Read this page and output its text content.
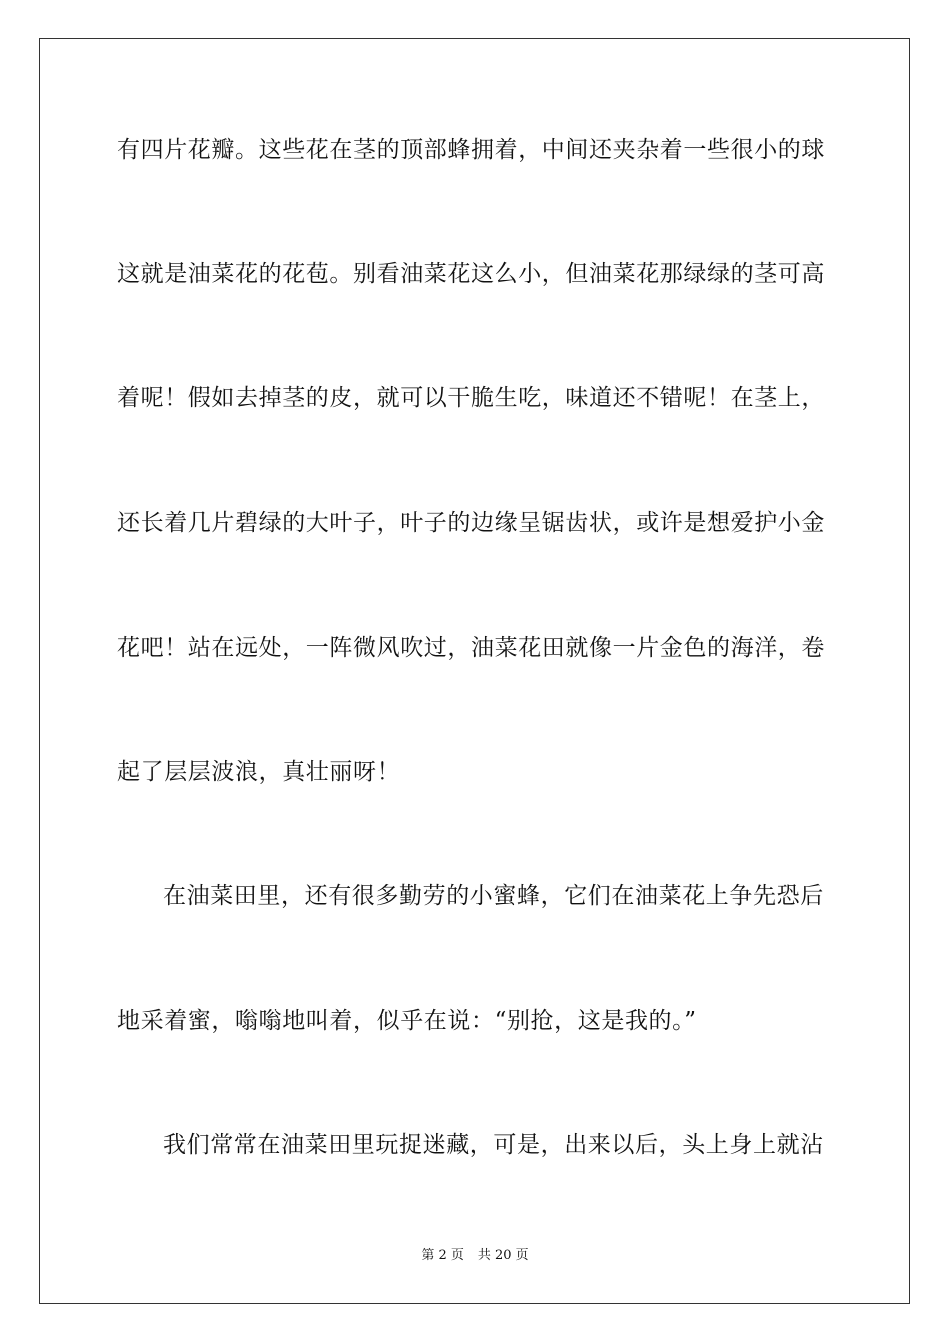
有四片花瓣。这些花在茎的顶部蜂拥着，中间还夹杂着一些很小的球
这就是油菜花的花苞。别看油菜花这么小，但油菜花那绿绿的茎可高
着呢！假如去掉茎的皮，就可以干脆生吃，味道还不错呢！在茎上，
还长着几片碧绿的大叶子，叶子的边缘呈锯齿状，或许是想爱护小金
花吧！站在远处，一阵微风吹过，油菜花田就像一片金色的海洋，卷
起了层层波浪，真壮丽呀！
在油菜田里，还有很多勤劳的小蜜蜂，它们在油菜花上争先恐后
地采着蜜，嗡嗡地叫着，似乎在说：“别抢，这是我的。”
我们常常在油菜田里玩捉迷藏，可是，出来以后，头上身上就沾
第 2 页 共 20 页
